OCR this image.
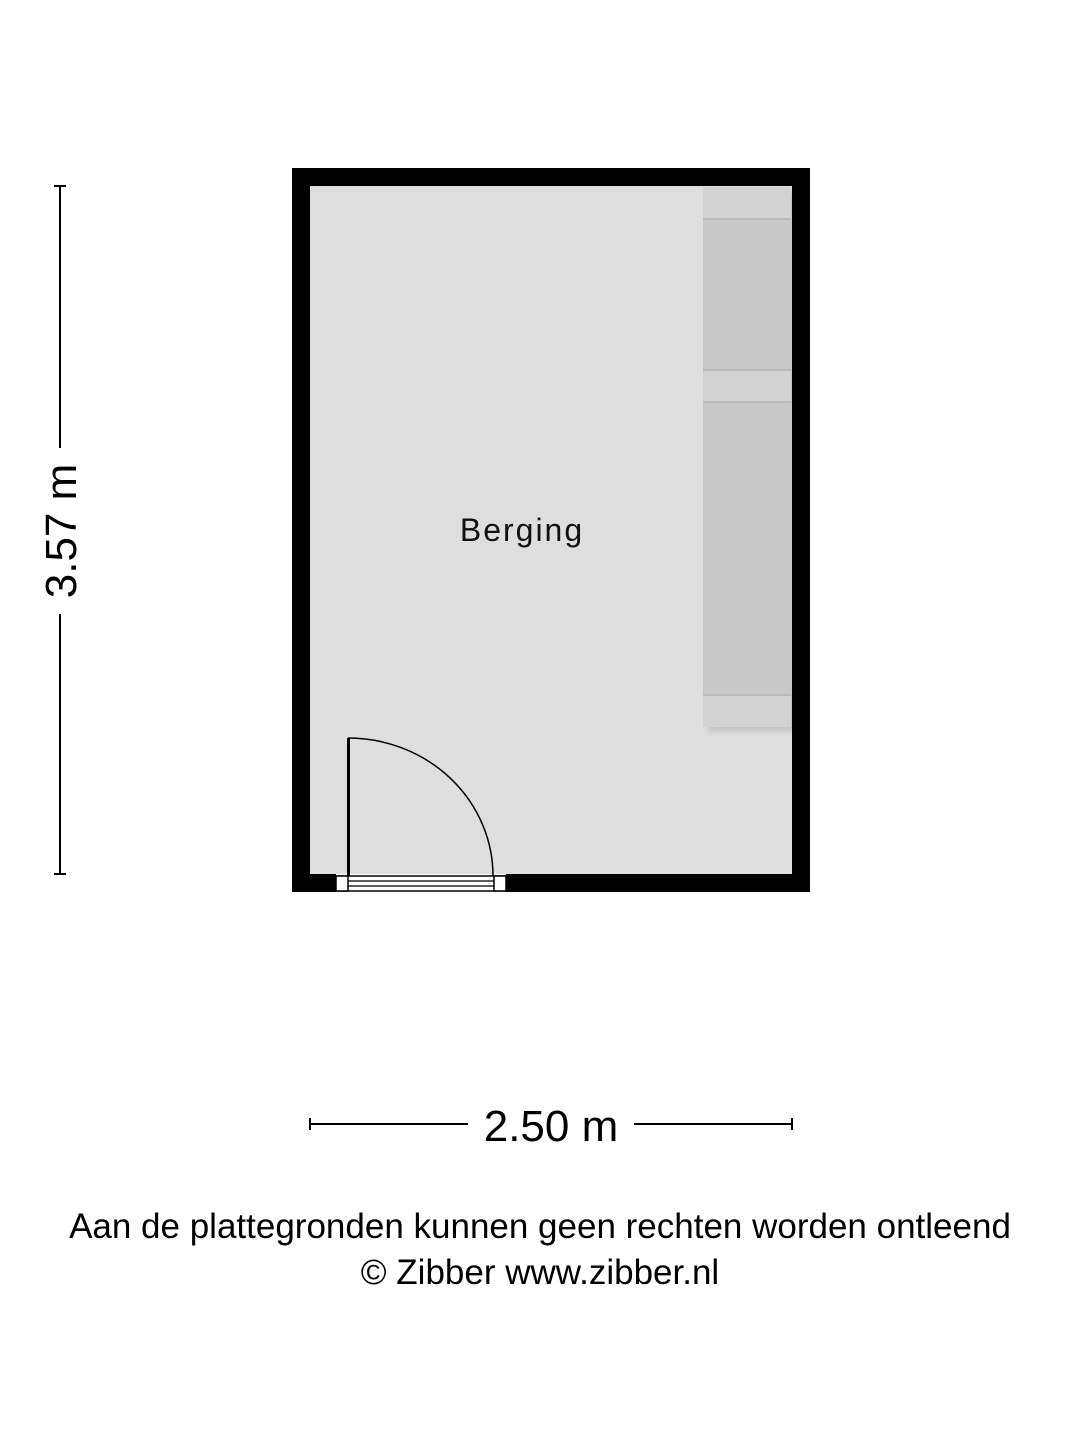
Berging
3.57 m
2.50 m
Aan de plattegronden kunnen geen rechten worden ontleend
© Zibber www.zibber.nl
